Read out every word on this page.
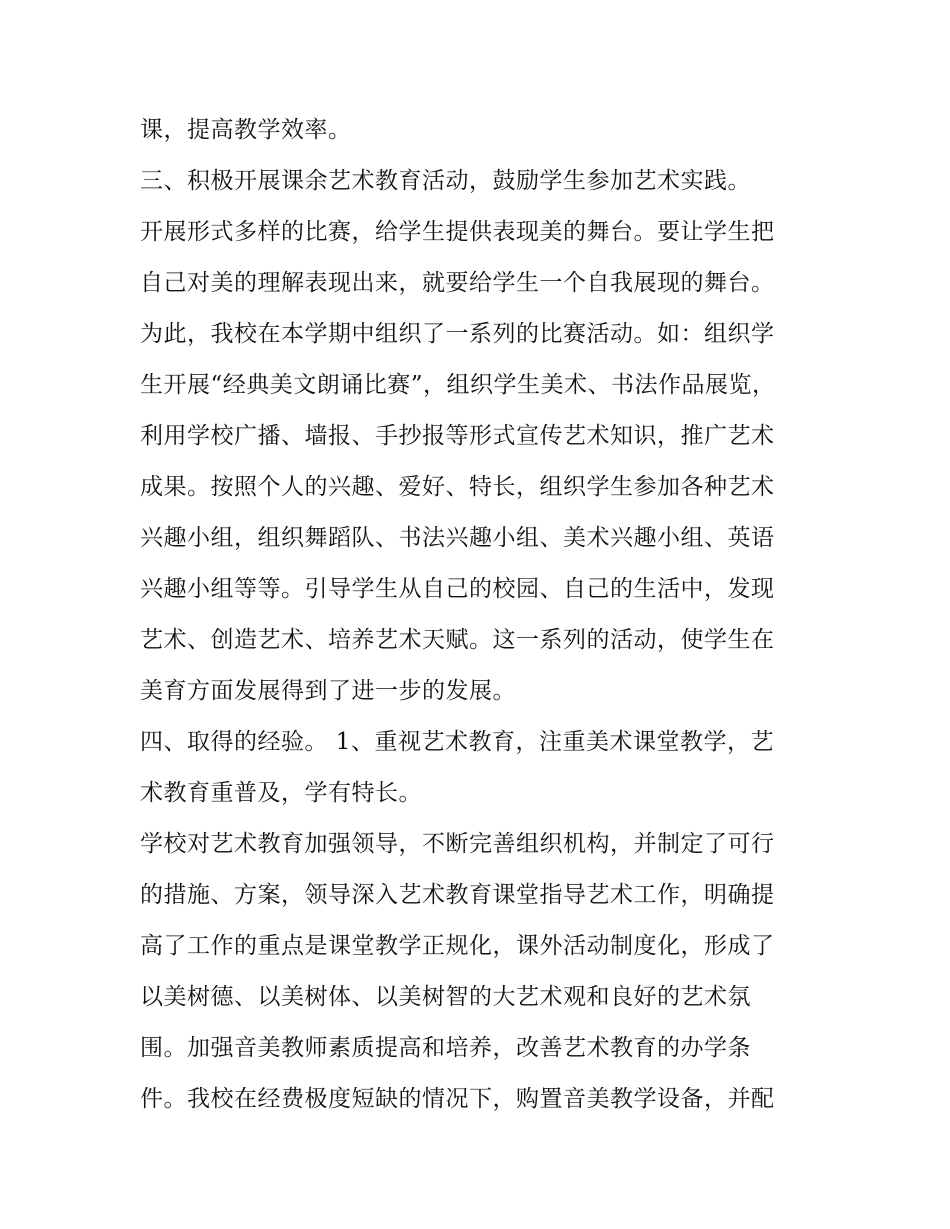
课，提高教学效率。
三、积极开展课余艺术教育活动，鼓励学生参加艺术实践。
开展形式多样的比赛，给学生提供表现美的舞台。要让学生把
自己对美的理解表现出来，就要给学生一个自我展现的舞台。
为此，我校在本学期中组织了一系列的比赛活动。如：组织学
生开展“经典美文朗诵比赛”，组织学生美术、书法作品展览，
利用学校广播、墙报、手抄报等形式宣传艺术知识，推广艺术
成果。按照个人的兴趣、爱好、特长，组织学生参加各种艺术
兴趣小组，组织舞蹈队、书法兴趣小组、美术兴趣小组、英语
兴趣小组等等。引导学生从自己的校园、自己的生活中，发现
艺术、创造艺术、培养艺术天赋。这一系列的活动，使学生在
美育方面发展得到了进一步的发展。
四、取得的经验。 1、重视艺术教育，注重美术课堂教学，艺
术教育重普及，学有特长。
学校对艺术教育加强领导，不断完善组织机构，并制定了可行
的措施、方案，领导深入艺术教育课堂指导艺术工作，明确提
高了工作的重点是课堂教学正规化，课外活动制度化，形成了
以美树德、以美树体、以美树智的大艺术观和良好的艺术氛
围。加强音美教师素质提高和培养，改善艺术教育的办学条
件。我校在经费极度短缺的情况下，购置音美教学设备，并配
